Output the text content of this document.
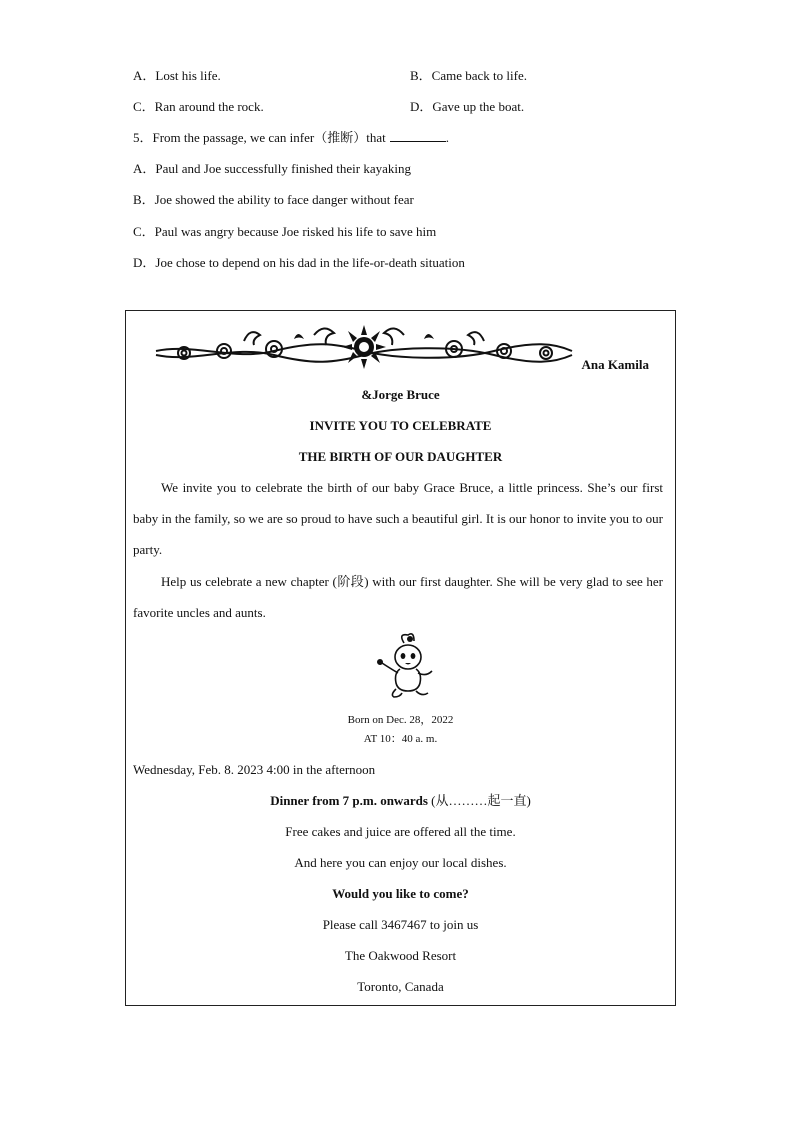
A．Lost his life.	B．Came back to life.
C．Ran around the rock.	D．Gave up the boat.
5．From the passage, we can infer（推断）that	.
A．Paul and Joe successfully finished their kayaking
B．Joe showed the ability to face danger without fear
C．Paul was angry because Joe risked his life to save him
D．Joe chose to depend on his dad in the life-or-death situation
Ana Kamila
&Jorge Bruce
INVITE YOU TO CELEBRATE
THE BIRTH OF OUR DAUGHTER
We invite you to celebrate the birth of our baby Grace Bruce, a little princess. She’s our first baby in the family, so we are so proud to have such a beautiful girl. It is our honor to invite you to our party.
Help us celebrate a new chapter (阶段) with our first daughter. She will be very glad to see her favorite uncles and aunts.
Born on Dec. 28，2022
AT 10：40 a. m.
Wednesday, Feb. 8. 2023 4:00 in the afternoon
Dinner from 7 p.m. onwards (从………起一直)
Free cakes and juice are offered all the time.
And here you can enjoy our local dishes.
Would you like to come?
Please call 3467467 to join us
The Oakwood Resort
Toronto, Canada
